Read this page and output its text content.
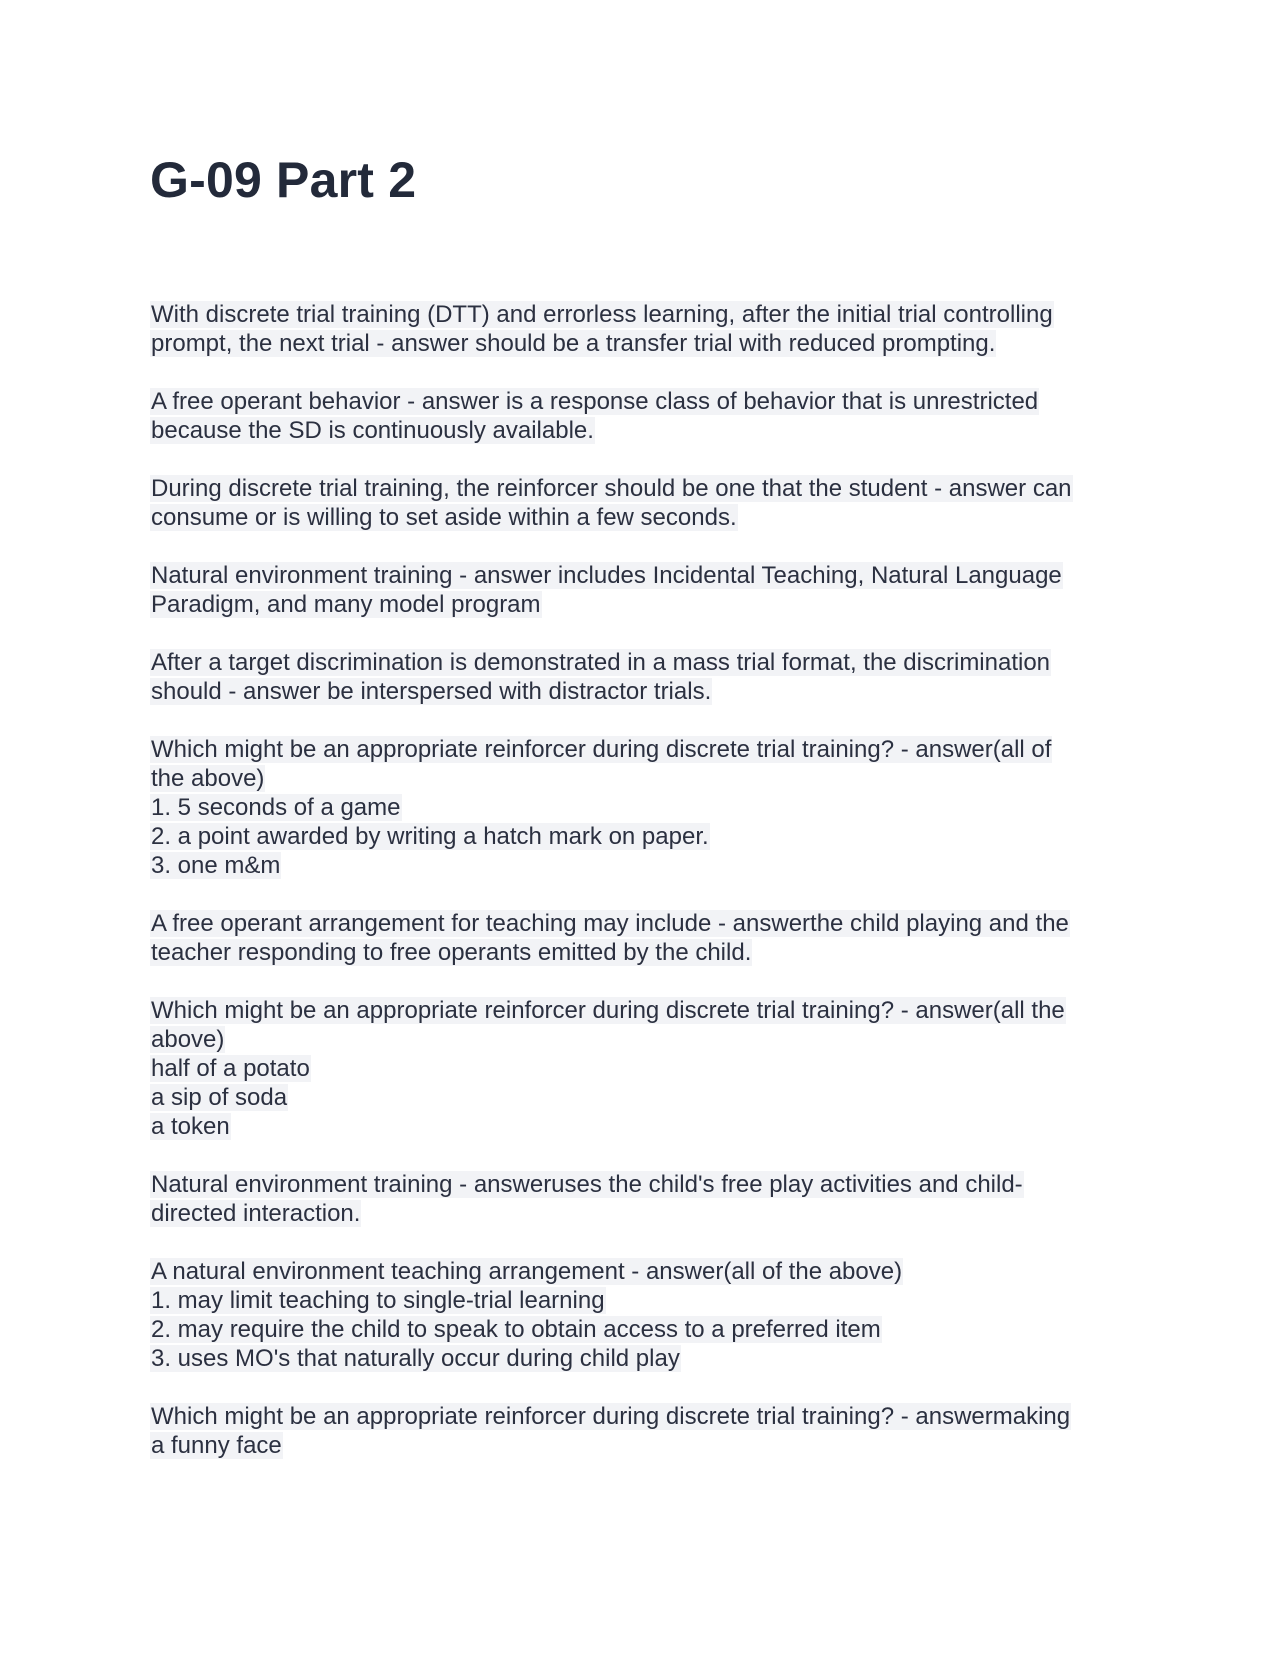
G-09 Part 2

With discrete trial training (DTT) and errorless learning, after the initial trial controlling
prompt, the next trial - answer should be a transfer trial with reduced prompting.

A free operant behavior - answer is a response class of behavior that is unrestricted
because the SD is continuously available.

During discrete trial training, the reinforcer should be one that the student - answer can
consume or is willing to set aside within a few seconds.

Natural environment training - answer includes Incidental Teaching, Natural Language
Paradigm, and many model program

After a target discrimination is demonstrated in a mass trial format, the discrimination
should - answer be interspersed with distractor trials.

Which might be an appropriate reinforcer during discrete trial training? - answer(all of
the above)
1. 5 seconds of a game
2. a point awarded by writing a hatch mark on paper.
3. one m&m

A free operant arrangement for teaching may include - answerthe child playing and the
teacher responding to free operants emitted by the child.

Which might be an appropriate reinforcer during discrete trial training? - answer(all the
above)
half of a potato
a sip of soda
a token

Natural environment training - answeruses the child's free play activities and child-
directed interaction.

A natural environment teaching arrangement - answer(all of the above)
1. may limit teaching to single-trial learning
2. may require the child to speak to obtain access to a preferred item
3. uses MO's that naturally occur during child play

Which might be an appropriate reinforcer during discrete trial training? - answermaking
a funny face
